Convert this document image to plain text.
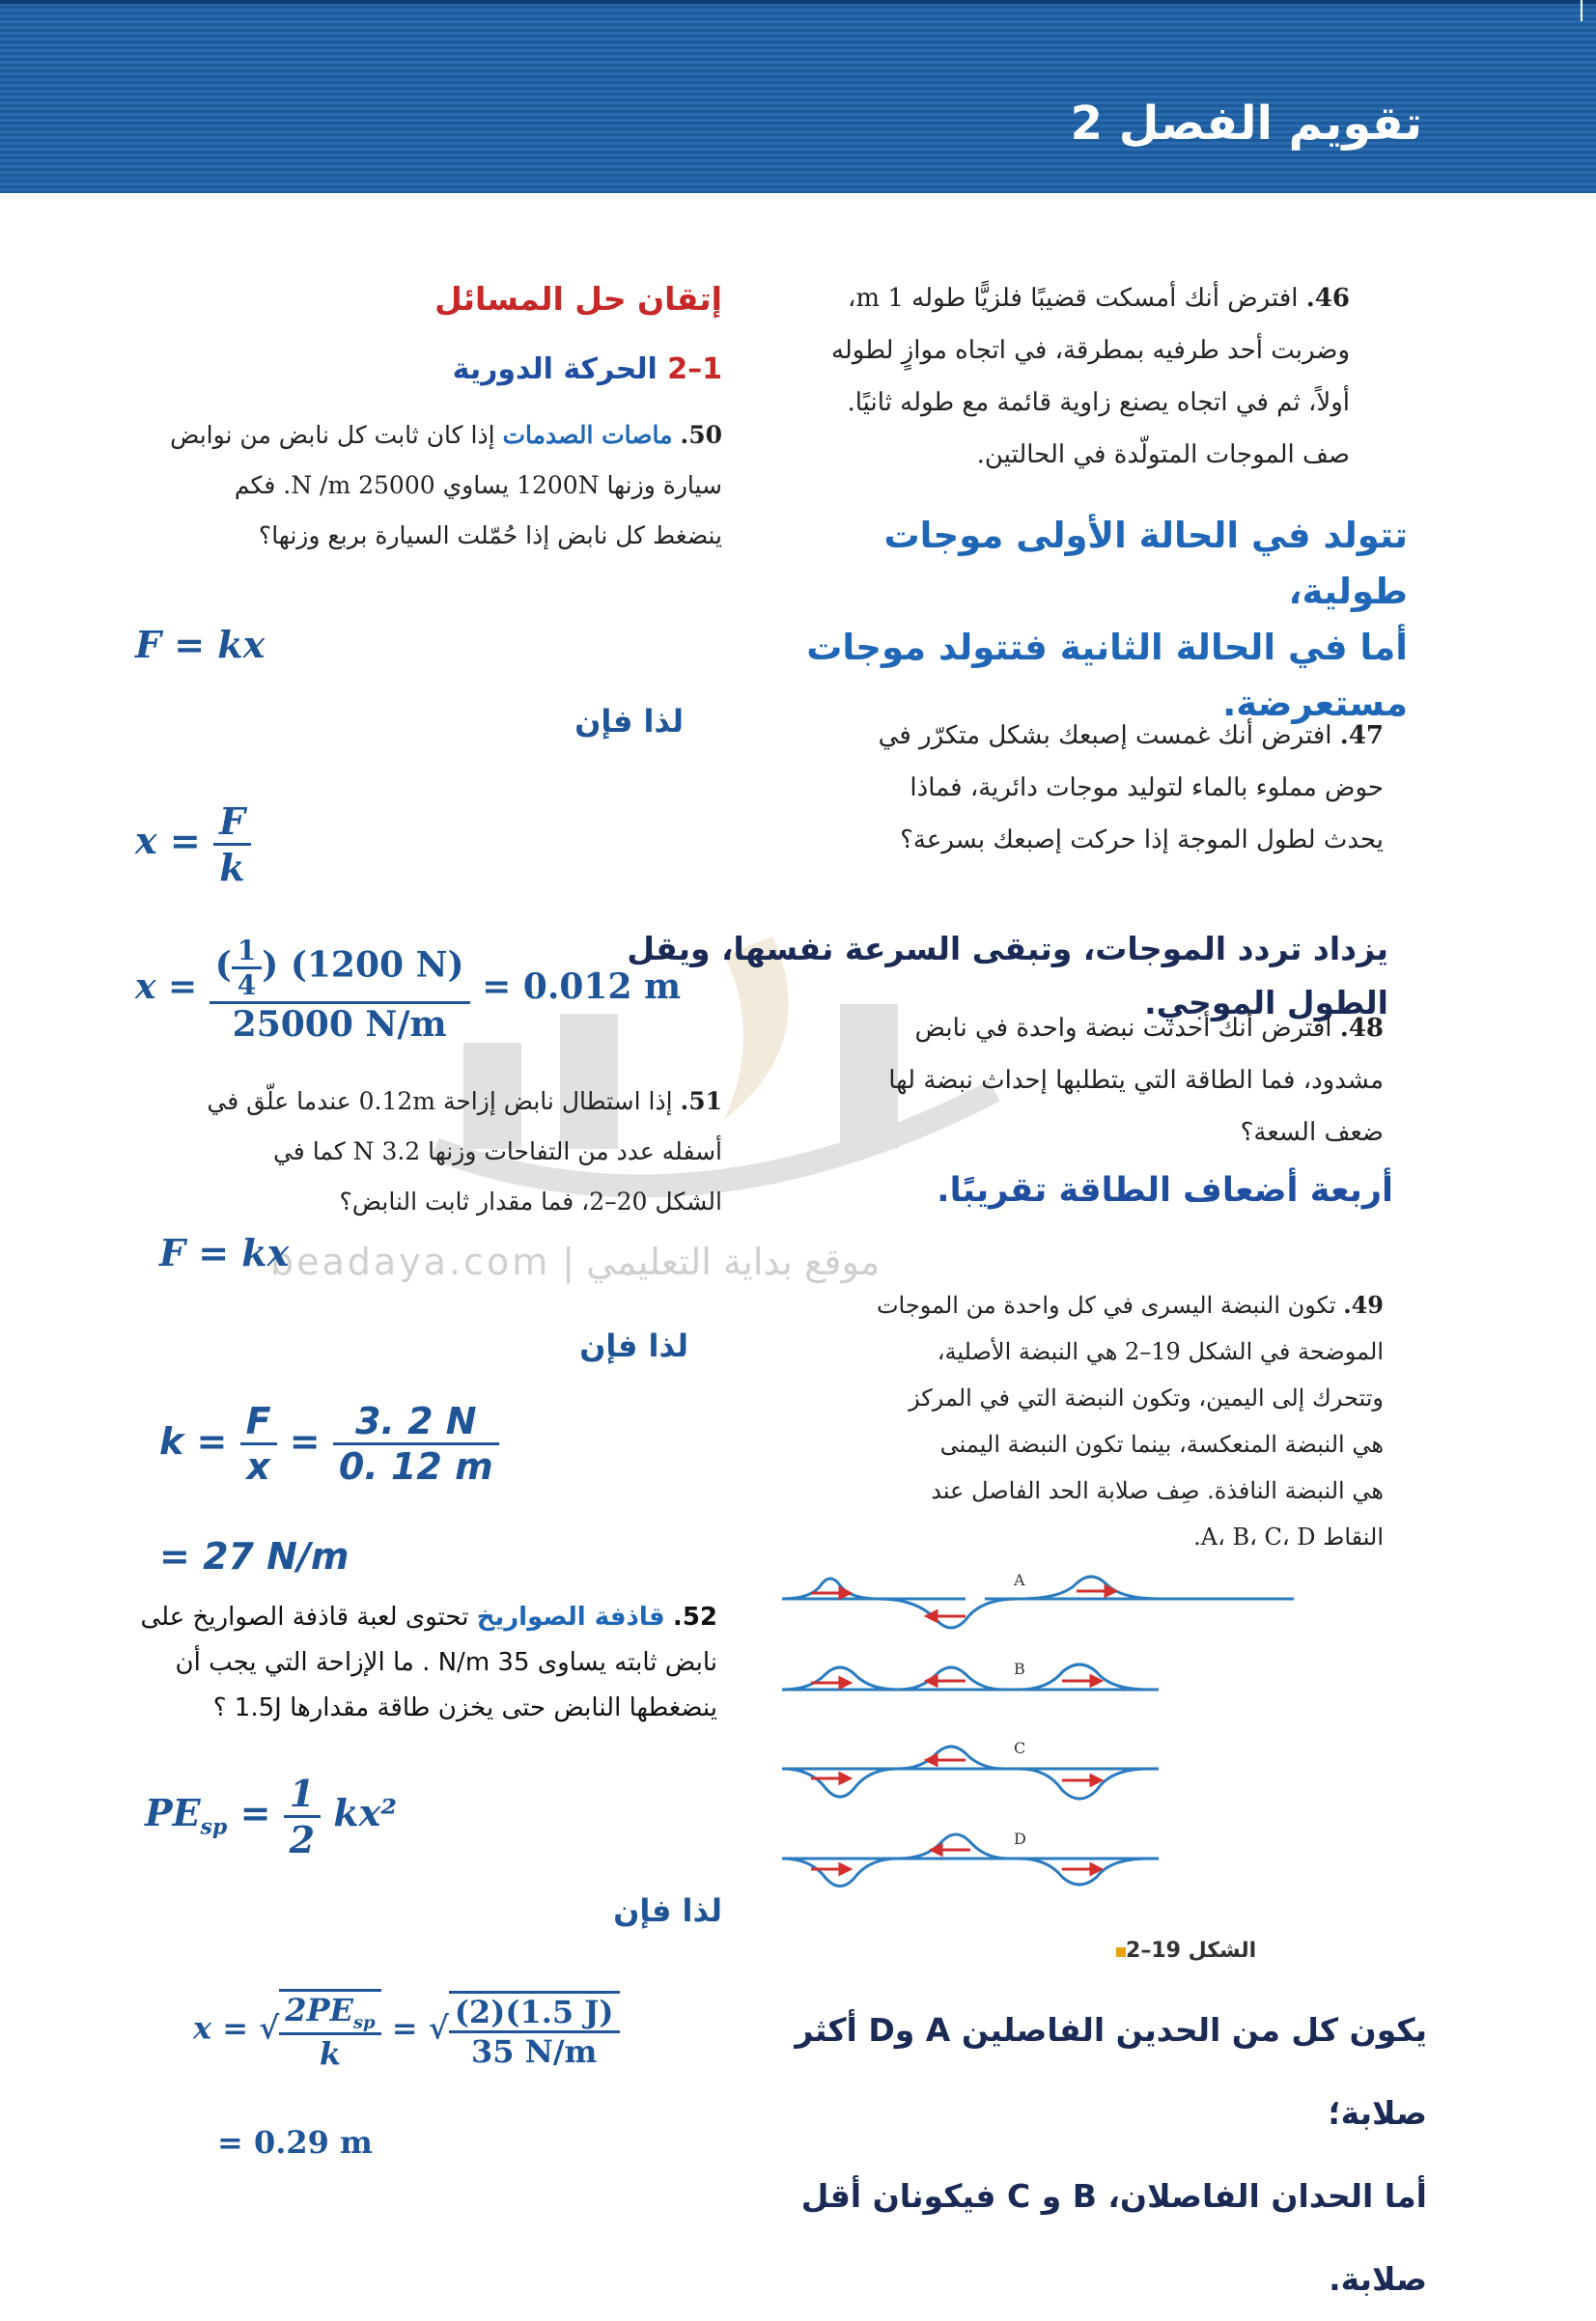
تقويم الفصل 2
موقع بداية التعليمي | beadaya.com
46. افترض أنك أمسكت قضيبًا فلزيًّا طوله 1 m،
وضربت أحد طرفيه بمطرقة، في اتجاه موازٍ لطوله
أولاً، ثم في اتجاه يصنع زاوية قائمة مع طوله ثانيًا.
صف الموجات المتولّدة في الحالتين.
تتولد في الحالة الأولى موجات طولية،
أما في الحالة الثانية فتتولد موجات
مستعرضة.
47. افترض أنك غمست إصبعك بشكل متكرّر في
حوض مملوء بالماء لتوليد موجات دائرية، فماذا
يحدث لطول الموجة إذا حركت إصبعك بسرعة؟
يزداد تردد الموجات، وتبقى السرعة نفسها، ويقل الطول الموجي.
48. افترض أنك أحدثت نبضة واحدة في نابض
مشدود، فما الطاقة التي يتطلبها إحداث نبضة لها
ضعف السعة؟
أربعة أضعاف الطاقة تقريبًا.
49. تكون النبضة اليسرى في كل واحدة من الموجات
الموضحة في الشكل 19–2 هي النبضة الأصلية،
وتتحرك إلى اليمين، وتكون النبضة التي في المركز
هي النبضة المنعكسة، بينما تكون النبضة اليمنى
هي النبضة النافذة. صِف صلابة الحد الفاصل عند
النقاط A، B، C، D.
A
B
C
D
الشكل 19–2
يكون كل من الحدين الفاصلين A وD أكثر صلابة؛
أما الحدان الفاصلان، B و C فيكونان أقل صلابة.
إتقان حل المسائل
1–2 الحركة الدورية
50. ماصات الصدمات إذا كان ثابت كل نابض من نوابض
سيارة وزنها 1200N يساوي 25000 N /m. فكم
ينضغط كل نابض إذا حُمّلت السيارة بربع وزنها؟
F = kx
لذا فإن
$x = \frac{F}{k}$
$x = \frac{( \frac{1}{4} ) (1200 N)}{25000 N/m} = 0.012$ m
51. إذا استطال نابض إزاحة 0.12m عندما علّق في
أسفله عدد من التفاحات وزنها 3.2 N كما في
الشكل 20–2، فما مقدار ثابت النابض؟
F = kx
لذا فإن
$k = \frac{F}{x} = \frac{3. 2 N}{0. 12 m}$
= 27 N/m
52. قاذفة الصواريخ تحتوى لعبة قاذفة الصواريخ على
نابض ثابته يساوى 35 N/m . ما الإزاحة التي يجب أن
ينضغطها النابض حتى يخزن طاقة مقدارها 1.5J ؟
$PE_{sp} = \frac{1}{2} kx^2$
لذا فإن
x = √ $\frac{2PE_{sp}}{k}$ = √ $\frac{(2)(1.5 J)}{35 N/m}$
= 0.29 m
